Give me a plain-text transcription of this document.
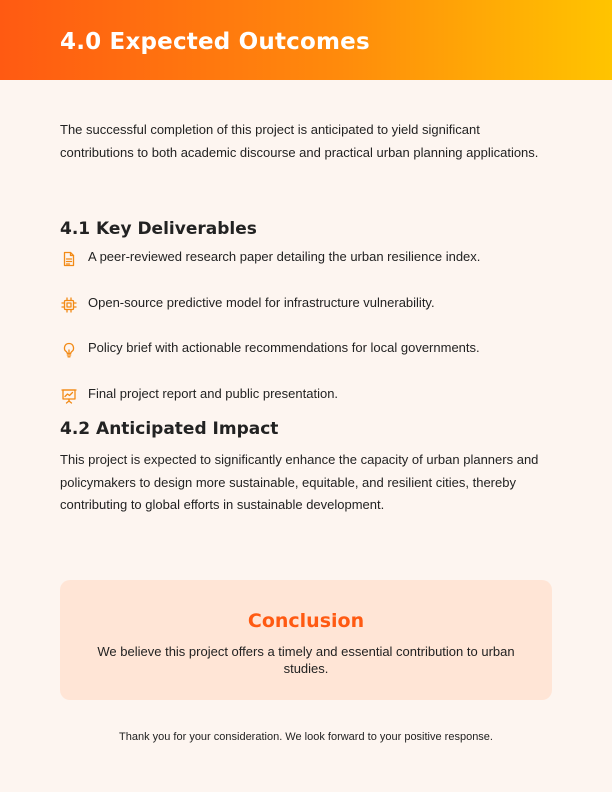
4.0 Expected Outcomes

The successful completion of this project is anticipated to yield significant contributions to both academic discourse and practical urban planning applications.

4.1 Key Deliverables
A peer-reviewed research paper detailing the urban resilience index.
Open-source predictive model for infrastructure vulnerability.
Policy brief with actionable recommendations for local governments.
Final project report and public presentation.
4.2 Anticipated Impact

This project is expected to significantly enhance the capacity of urban planners and policymakers to design more sustainable, equitable, and resilient cities, thereby contributing to global efforts in sustainable development.

Conclusion

We believe this project offers a timely and essential contribution to urban studies.

Thank you for your consideration. We look forward to your positive response.
